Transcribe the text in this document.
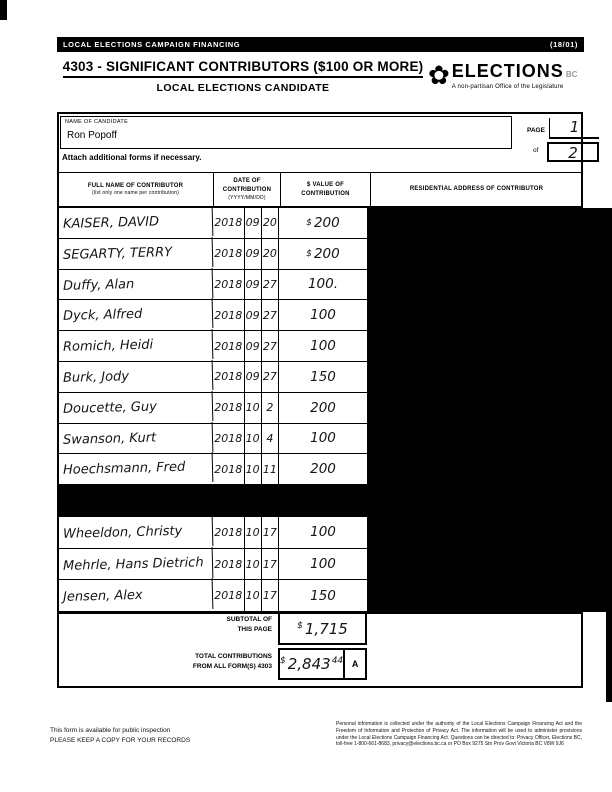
LOCAL ELECTIONS CAMPAIGN FINANCING	(18/01)
4303 - SIGNIFICANT CONTRIBUTORS ($100 OR MORE)
LOCAL ELECTIONS CANDIDATE	✿ ELECTIONS BC
A non-partisan Office of the Legislature
NAME OF CANDIDATE
Ron Popoff
Attach additional forms if necessary.
PAGE	1
of	2
FULL NAME OF CONTRIBUTOR
(list only one name per contribution)
DATE OF
CONTRIBUTION
(YYYY/MM/DD)
$ VALUE OF
CONTRIBUTION
RESIDENTIAL ADDRESS OF CONTRIBUTOR
KAISER, DAVID	2018 09 20	$ 200
SEGARTY, TERRY	2018 09 20	$ 200
Duffy, Alan	2018 09 27 100.
Dyck, Alfred	2018 09 27 100
Romich, Heidi	2018 09 27 100
Burk, Jody	2018 09 27 150
Doucette, Guy	2018 10 2	200
Swanson, Kurt	2018 10 4	100
Hoechsmann, Fred	2018 10 11 200
Wheeldon, Christy	2018 10 17 100
Mehrle, Hans Dietrich 2018 10 17 100
Jensen, Alex	2018 10 17 150
SUBTOTAL OF
THIS PAGE	$ 1,715
TOTAL CONTRIBUTIONS
FROM ALL FORM(S) 4303
$ 2,843$^{44}$ A
This form is available for public inspection
PLEASE KEEP A COPY FOR YOUR RECORDS
Personal information is collected under the authority of the Local Elections Campaign Financing Act and the Freedom of Information and Protection of Privacy Act. The information will be used to administer provisions under the Local Elections Campaign Financing Act. Questions can be directed to: Privacy Officer, Elections BC, toll-free 1-800-661-8683, privacy@elections.bc.ca or PO Box 9275 Stn Prov Govt Victoria BC V8W 9J6
